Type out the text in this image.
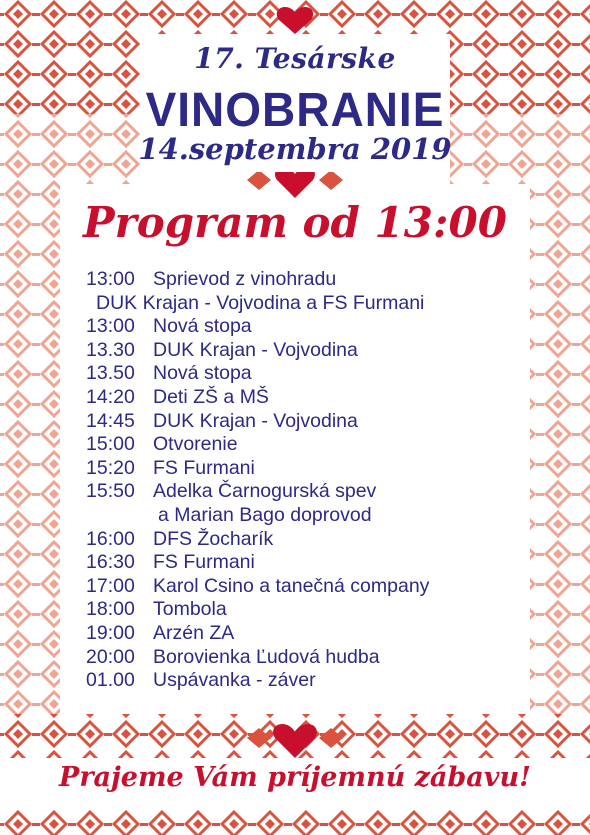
17. Tesárske
VINOBRANIE
14.septembra 2019
Program od 13:00
13:00 Sprievod z vinohradu
DUK Krajan - Vojvodina a FS Furmani
13:00 Nová stopa
13.30 DUK Krajan - Vojvodina
13.50 Nová stopa
14:20 Deti ZŠ a MŠ
14:45 DUK Krajan - Vojvodina
15:00 Otvorenie
15:20 FS Furmani
15:50 Adelka Čarnogurská spev
a Marian Bago doprovod
16:00 DFS Žocharík
16:30 FS Furmani
17:00 Karol Csino a tanečná company
18:00 Tombola
19:00 Arzén ZA
20:00 Borovienka Ľudová hudba
01.00 Uspávanka - záver
Prajeme Vám príjemnú zábavu!
